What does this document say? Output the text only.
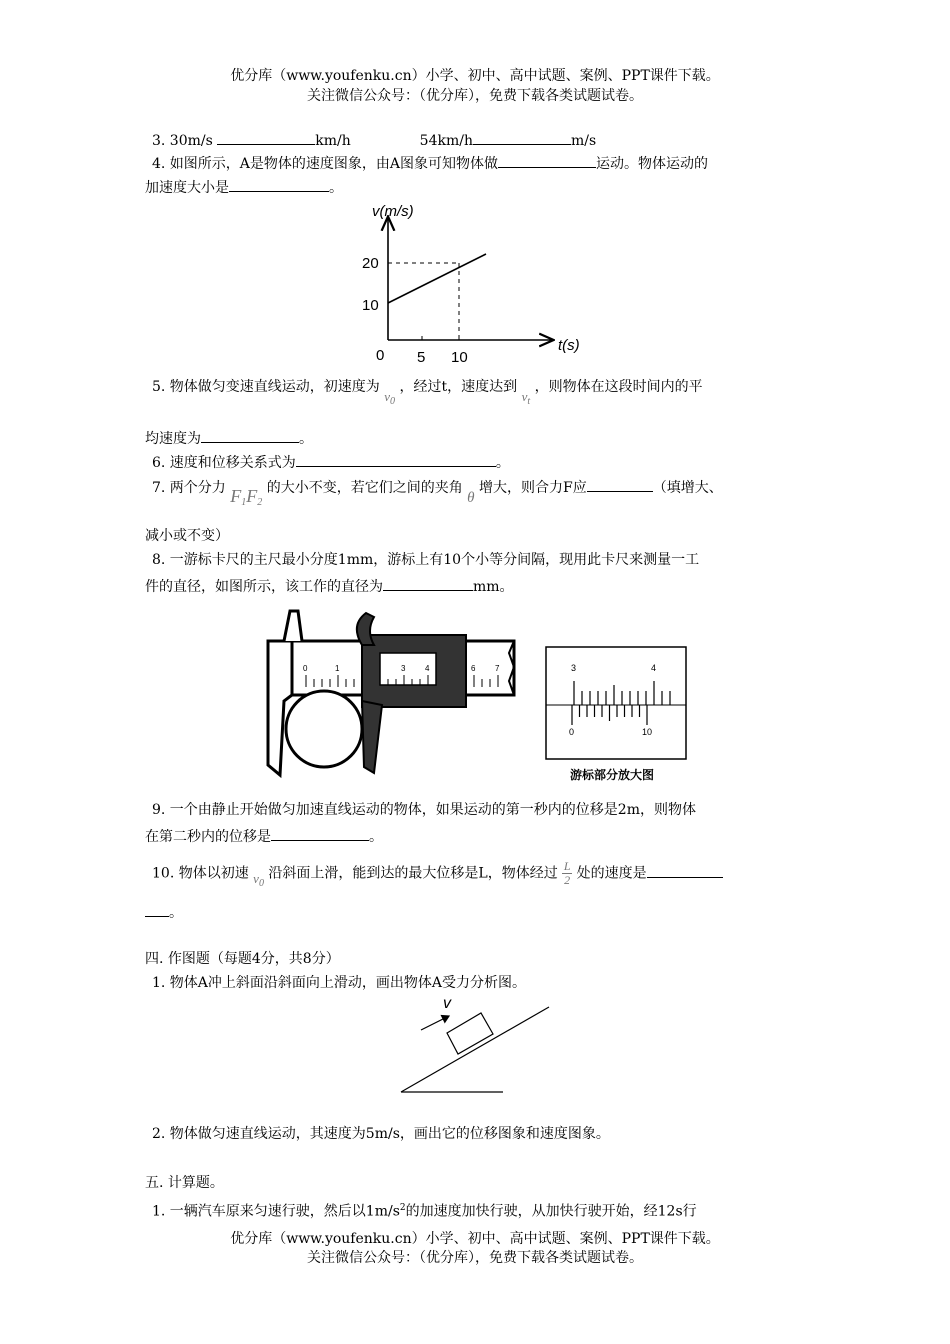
优分库（www.youfenku.cn）小学、初中、高中试题、案例、PPT课件下载。
关注微信公众号：（优分库），免费下载各类试题试卷。
3. 30m/s	km/h	54km/h	m/s
4. 如图所示，A是物体的速度图象，由A图象可知物体做	运动。物体运动的
加速度大小是	。
v(m/s)
t(s)
20
10
0 5 10
5. 物体做匀变速直线运动，初速度为 $v_0$ ，经过t，速度达到 $v_t$ ，则物体在这段时间内的平
均速度为	。
6. 速度和位移关系式为	。
7. 两个分力 $F_1F_2$ 的大小不变，若它们之间的夹角 θ 增大，则合力F应	（填增大、
减小或不变）
8. 一游标卡尺的主尺最小分度1mm，游标上有10个小等分间隔，现用此卡尺来测量一工
件的直径，如图所示，该工作的直径为	mm。
0	1	3 4	6 7	3	4
0	10
游标部分放大图
9. 一个由静止开始做匀加速直线运动的物体，如果运动的第一秒内的位移是2m，则物体
在第二秒内的位移是	。
10. 物体以初速 $v_0$ 沿斜面上滑，能到达的最大位移是L，物体经过 $\frac{L}{2}$ 处的速度是
。
四. 作图题（每题4分，共8分）
1. 物体A冲上斜面沿斜面向上滑动，画出物体A受力分析图。
v
2. 物体做匀速直线运动，其速度为5m/s，画出它的位移图象和速度图象。
五. 计算题。
1. 一辆汽车原来匀速行驶，然后以$1m/s^2$的加速度加快行驶，从加快行驶开始，经12s行
优分库（www.youfenku.cn）小学、初中、高中试题、案例、PPT课件下载。
关注微信公众号：（优分库），免费下载各类试题试卷。
